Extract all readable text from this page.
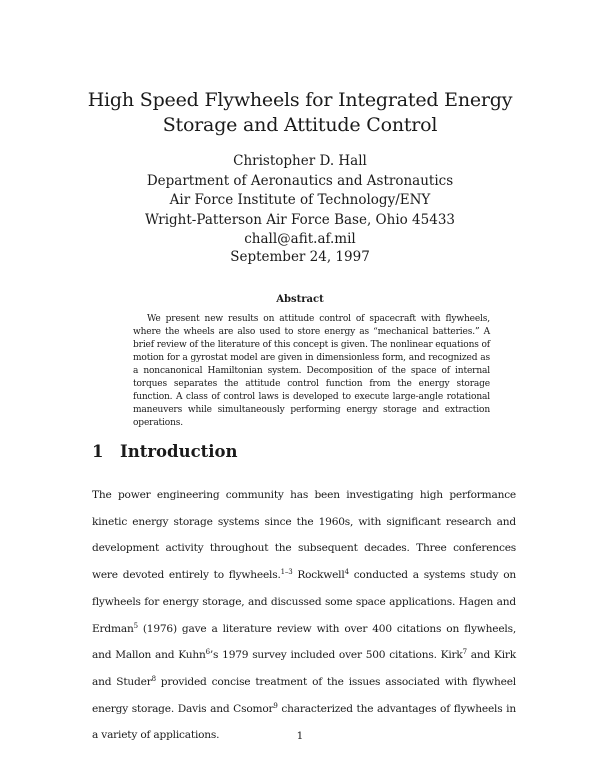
High Speed Flywheels for Integrated Energy
Storage and Attitude Control
Christopher D. Hall
Department of Aeronautics and Astronautics
Air Force Institute of Technology/ENY
Wright-Patterson Air Force Base, Ohio 45433
chall@afit.af.mil
September 24, 1997
Abstract
We present new results on attitude control of spacecraft with flywheels, where the wheels are also used to store energy as “mechanical batteries.” A brief review of the literature of this concept is given. The nonlinear equations of motion for a gyrostat model are given in dimensionless form, and recognized as a noncanonical Hamiltonian system. Decomposition of the space of internal torques separates the attitude control function from the energy storage function. A class of control laws is developed to execute large-angle rotational maneuvers while simultaneously performing energy storage and extraction operations.
1 Introduction
The power engineering community has been investigating high performance kinetic energy storage systems since the 1960s, with significant research and development activity throughout the subsequent decades. Three conferences were devoted entirely to flywheels.$^{1-3}$ Rockwell$^4$ conducted a systems study on flywheels for energy storage, and discussed some space applications. Hagen and Erdman$^5$ (1976) gave a literature review with over 400 citations on flywheels, and Mallon and Kuhn$^6$’s 1979 survey included over 500 citations. Kirk$^7$ and Kirk and Studer$^8$ provided concise treatment of the issues associated with flywheel energy storage. Davis and Csomor$^9$ characterized the advantages of flywheels in a variety of applications.	1
